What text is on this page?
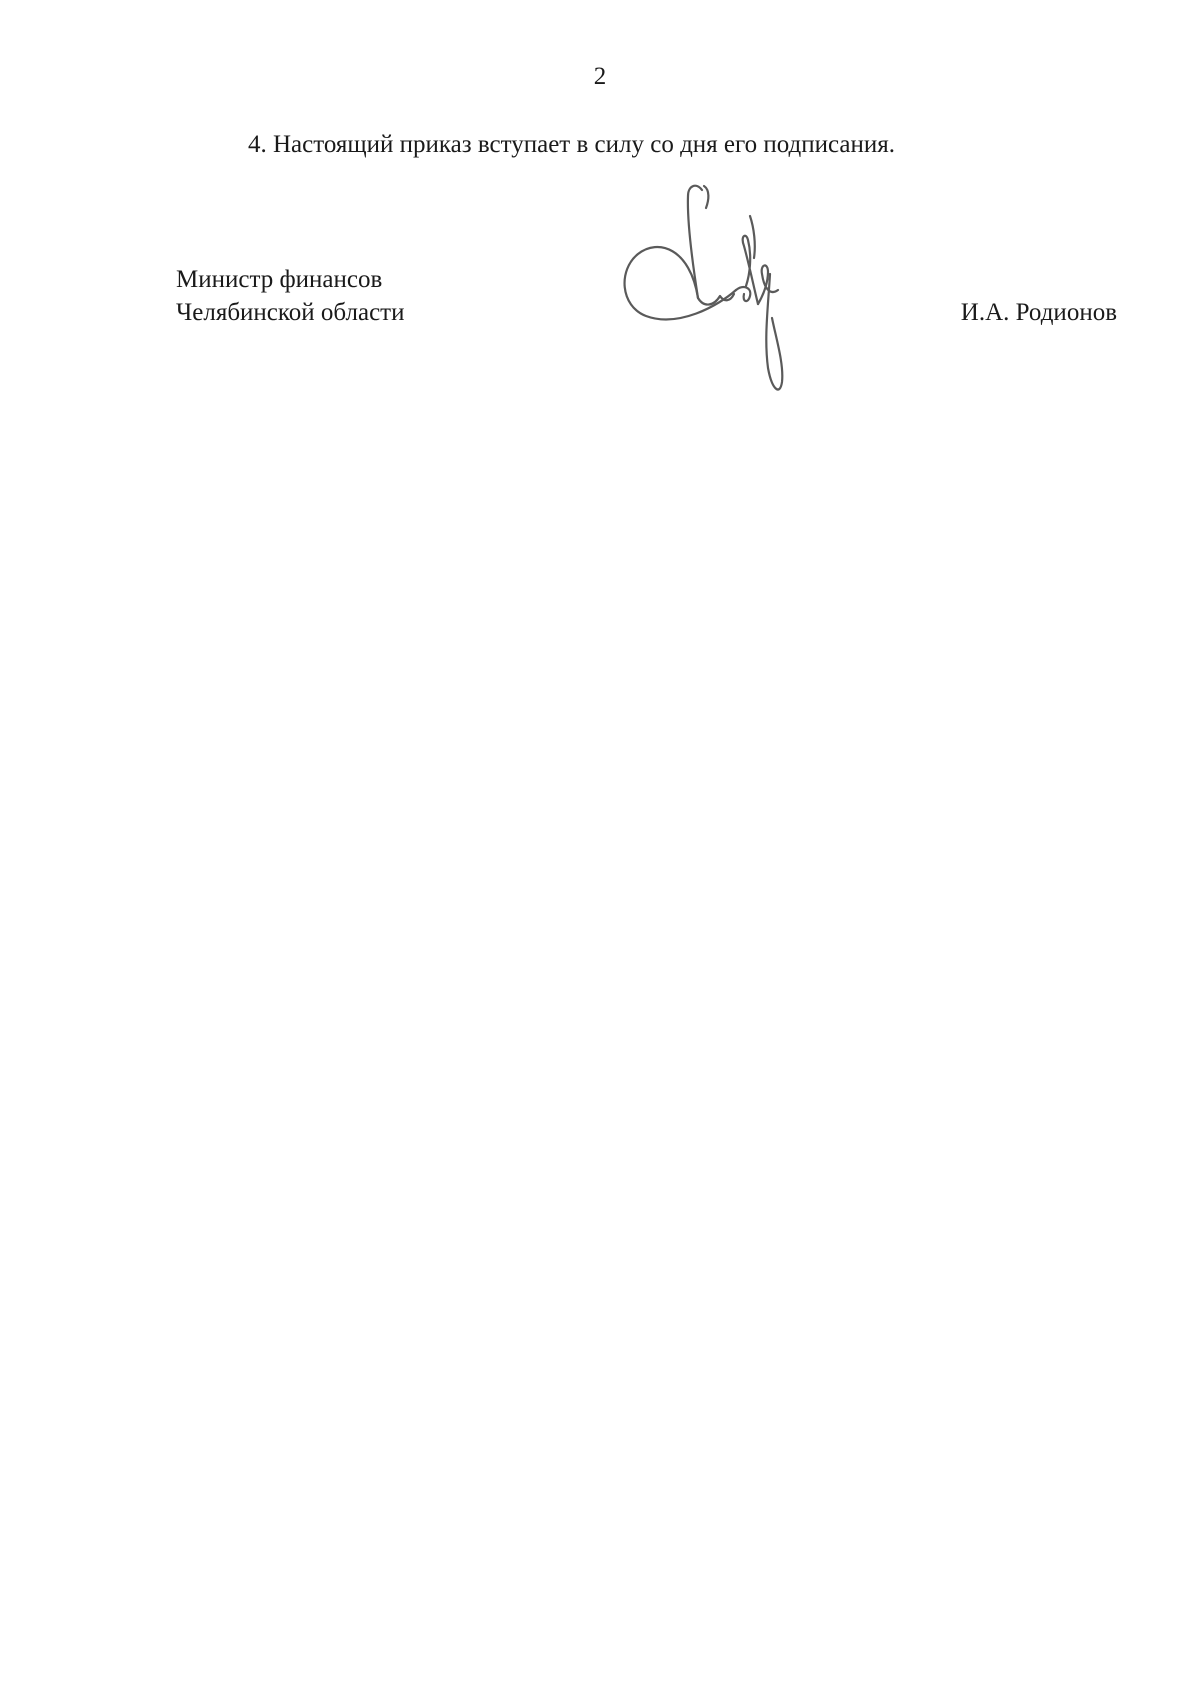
2
4. Настоящий приказ вступает в силу со дня его подписания.
Министр финансов
Челябинской области	И.А. Родионов
